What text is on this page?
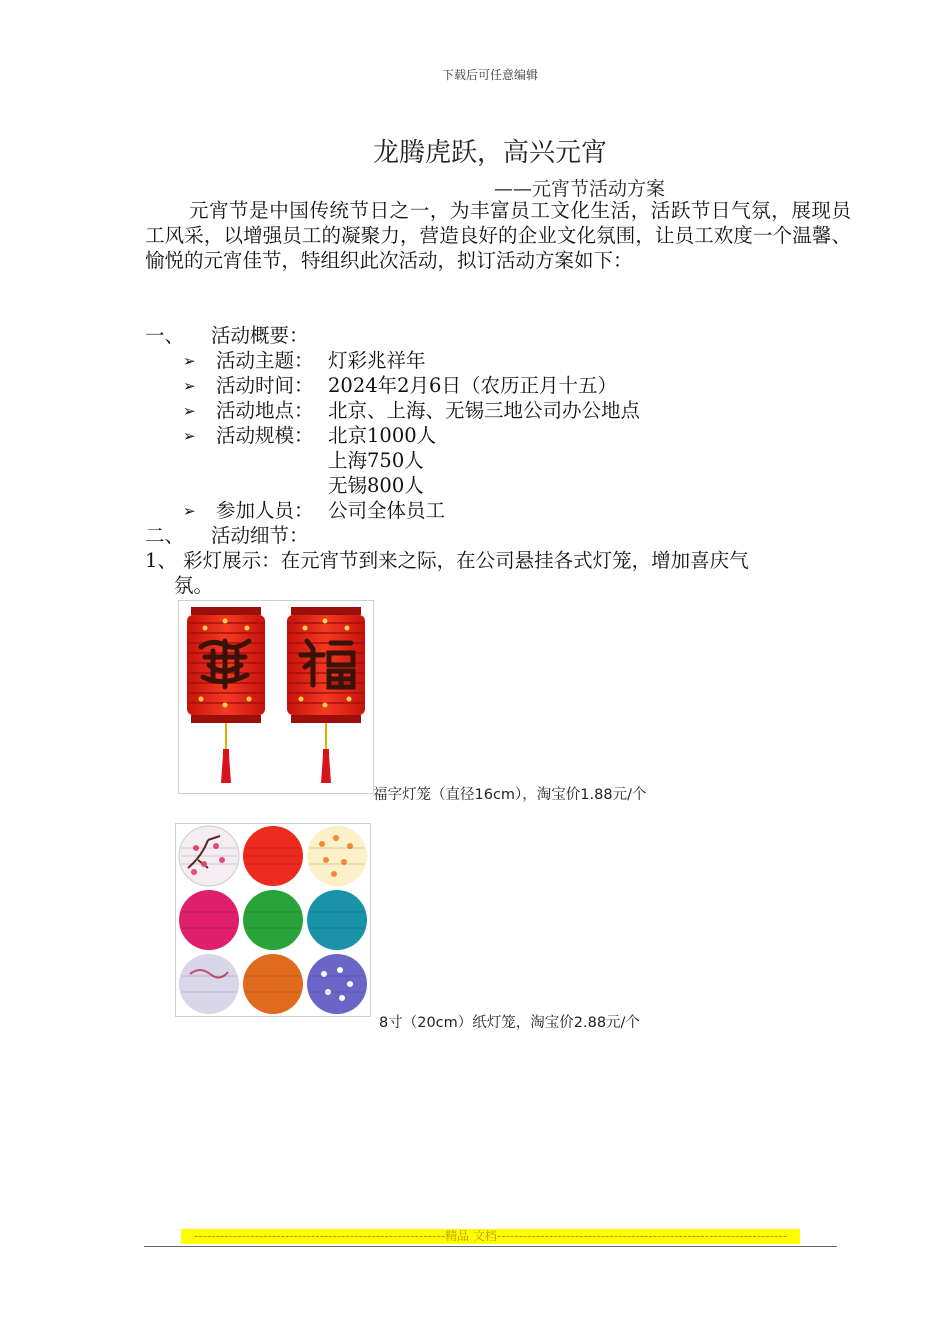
下载后可任意编辑
龙腾虎跃，高兴元宵
——元宵节活动方案
元宵节是中国传统节日之一，为丰富员工文化生活，活跃节日气氛，展现员工风采，以增强员工的凝聚力，营造良好的企业文化氛围，让员工欢度一个温馨、愉悦的元宵佳节，特组织此次活动，拟订活动方案如下：
一、 活动概要：
➢ 活动主题： 灯彩兆祥年
➢ 活动时间： 2024年2月6日（农历正月十五）
➢ 活动地点： 北京、上海、无锡三地公司办公地点
➢ 活动规模： 北京1000人
上海750人
无锡800人
➢ 参加人员： 公司全体员工
二、 活动细节：
1、 彩灯展示：在元宵节到来之际，在公司悬挂各式灯笼，增加喜庆气
氛。
福字灯笼（直径16cm），淘宝价1.88元/个
8寸（20cm）纸灯笼，淘宝价2.88元/个
----------------------------------------------------------精品 文档-------------------------------------------------------------------
